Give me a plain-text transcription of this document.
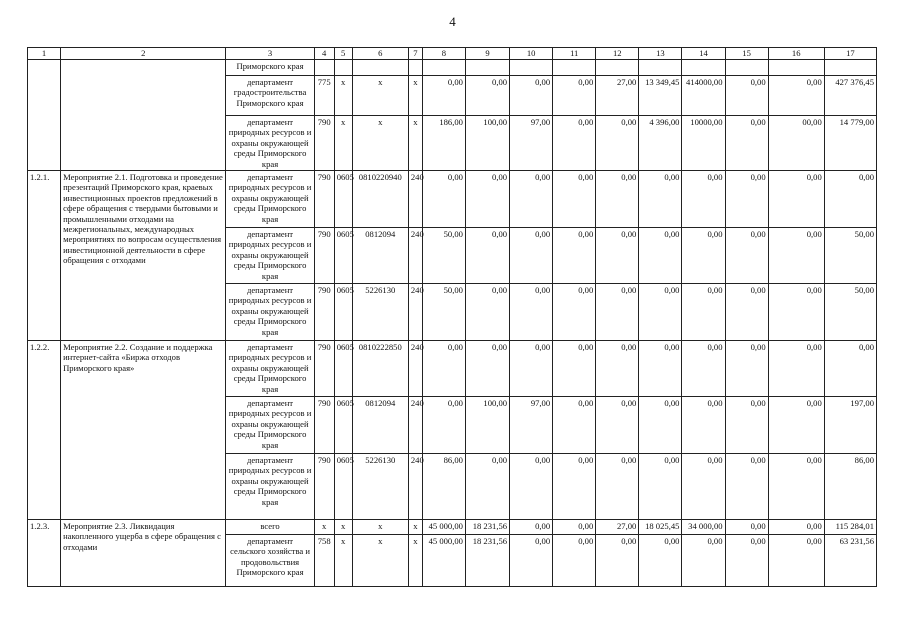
4
1	2	3	4	5	6	7	8	9	10	11	12	13	14	15	16	17
		Приморского края														
		департамент градостроительства Приморского края	775	x	x	x	0,00	0,00	0,00	0,00	27,00	13 349,45	414000,00	0,00	0,00	427 376,45
		департамент природных ресурсов и охраны окружающей среды Приморского края	790	x	x	x	186,00	100,00	97,00	0,00	0,00	4 396,00	10000,00	0,00	00,00	14 779,00
1.2.1.	Мероприятие 2.1. Подготовка и проведение презентаций Приморского края, краевых инвестиционных проектов предложений в сфере обращения с твердыми бытовыми и промышленными отходами на межрегиональных, международных мероприятиях по вопросам осуществления инвестиционной деятельности в сфере обращения с отходами	департамент природных ресурсов и охраны окружающей среды Приморского края	790	0605	0810220940	240	0,00	0,00	0,00	0,00	0,00	0,00	0,00	0,00	0,00	0,00
		департамент природных ресурсов и охраны окружающей среды Приморского края	790	0605	0812094	240	50,00	0,00	0,00	0,00	0,00	0,00	0,00	0,00	0,00	50,00
		департамент природных ресурсов и охраны окружающей среды Приморского края	790	0605	5226130	240	50,00	0,00	0,00	0,00	0,00	0,00	0,00	0,00	0,00	50,00
1.2.2.	Мероприятие 2.2. Создание и поддержка интернет-сайта «Биржа отходов Приморского края»	департамент природных ресурсов и охраны окружающей среды Приморского края	790	0605	0810222850	240	0,00	0,00	0,00	0,00	0,00	0,00	0,00	0,00	0,00	0,00
		департамент природных ресурсов и охраны окружающей среды Приморского края	790	0605	0812094	240	0,00	100,00	97,00	0,00	0,00	0,00	0,00	0,00	0,00	197,00
		департамент природных ресурсов и охраны окружающей среды Приморского края	790	0605	5226130	240	86,00	0,00	0,00	0,00	0,00	0,00	0,00	0,00	0,00	86,00
1.2.3.	Мероприятие 2.3. Ликвидация накопленного ущерба в сфере обращения с отходами	всего	x	x	x	x	45 000,00	18 231,56	0,00	0,00	27,00	18 025,45	34 000,00	0,00	0,00	115 284,01
		департамент сельского хозяйства и продовольствия Приморского края	758	x	x	x	45 000,00	18 231,56	0,00	0,00	0,00	0,00	0,00	0,00	0,00	63 231,56
